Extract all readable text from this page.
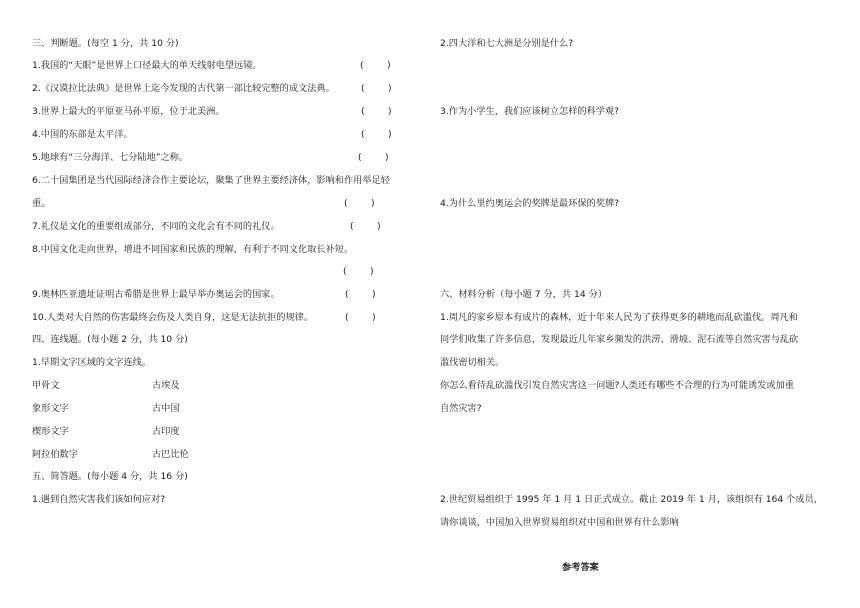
三、判断题。(每空 1 分，共 10 分)
1.我国的“天眼”是世界上口径最大的单天线射电望远镜。	(        )
2.《汉谟拉比法典》是世界上迄今发现的古代第一部比较完整的成文法典。	(        )
3.世界上最大的平原亚马孙平原，位于北美洲。	(        )
4.中国的东部是太平洋。	(        )
5.地球有“三分海洋、七分陆地”之称。	(        )
6.二十国集团是当代国际经济合作主要论坛，聚集了世界主要经济体，影响和作用举足轻
重。	(        )
7.礼仪是文化的重要组成部分，不同的文化会有不同的礼仪。	(        )
8.中国文化走向世界，增进不同国家和民族的理解，有利于不同文化取长补短。
(        )
9.奥林匹亚遗址证明古希腊是世界上最早举办奥运会的国家。	(        )
10.人类对大自然的伤害最终会伤及人类自身，这是无法抗拒的规律。	(        )
四、连线题。(每小题 2 分，共 10 分)
1.早期文字区域的文字连线。
甲骨文	古埃及
象形文字	古中国
楔形文字	古印度
阿拉伯数字	古巴比伦
五、简答题。(每小题 4 分，共 16 分)
1.遇到自然灾害我们该如何应对?
2.四大洋和七大洲是分别是什么?
3.作为小学生，我们应该树立怎样的科学观?
4.为什么里约奥运会的奖牌是最环保的奖牌?
六、材料分析（每小题 7 分，共 14 分）
1.周凡的家乡原本有成片的森林，近十年来人民为了获得更多的耕地而乱砍滥伐。周凡和
同学们收集了许多信息，发现最近几年家乡频发的洪涝、滑坡、泥石流等自然灾害与乱砍
滥伐密切相关。
你怎么看待乱砍滥伐引发自然灾害这一问题?人类还有哪些不合理的行为可能诱发或加重
自然灾害?
2.世纪贸易组织于 1995 年 1 月 1 日正式成立。截止 2019 年 1 月，该组织有 164 个成员，
请你谈谈，中国加入世界贸易组织对中国和世界有什么影响
参考答案
